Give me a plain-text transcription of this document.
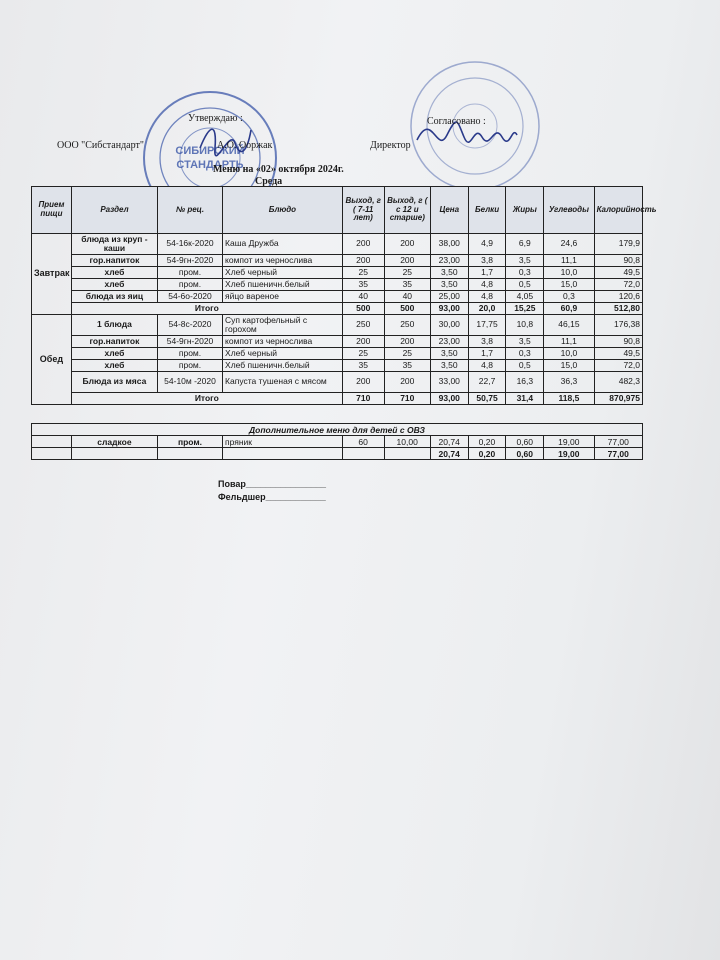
СИБИРСКИЙ
СТАНДАРТЬ
Утверждаю :
ООО "Сибстандарт"	А.О. Ооржак
Согласовано :
Директор
Меню на «02» октября 2024г.
Среда
Прием пищи	Раздел	№ рец.	Блюдо	Выход, г ( 7-11 лет)	Выход, г ( с 12 и старше)	Цена	Белки	Жиры	Углеводы	Калорийность
Завтрак	блюда из круп - каши	54-16к-2020	Каша Дружба	200	200	38,00	4,9	6,9	24,6	179,9
	гор.напиток	54-9гн-2020	компот из чернослива	200	200	23,00	3,8	3,5	11,1	90,8
	хлеб	пром.	Хлеб черный	25	25	3,50	1,7	0,3	10,0	49,5
	хлеб	пром.	Хлеб пшеничн.белый	35	35	3,50	4,8	0,5	15,0	72,0
	блюда из яиц	54-6о-2020	яйцо вареное	40	40	25,00	4,8	4,05	0,3	120,6
	Итого			500	500	93,00	20,0	15,25	60,9	512,80
Обед	1 блюда	54-8с-2020	Суп картофельный с горохом	250	250	30,00	17,75	10,8	46,15	176,38
	гор.напиток	54-9гн-2020	компот из чернослива	200	200	23,00	3,8	3,5	11,1	90,8
	хлеб	пром.	Хлеб черный	25	25	3,50	1,7	0,3	10,0	49,5
	хлеб	пром.	Хлеб пшеничн.белый	35	35	3,50	4,8	0,5	15,0	72,0
	Блюда из мяса	54-10м -2020	Капуста тушеная с мясом	200	200	33,00	22,7	16,3	36,3	482,3
	Итого			710	710	93,00	50,75	31,4	118,5	870,975
Дополнительное меню для детей с ОВЗ										
	сладкое	пром.	пряник	60	10,00	20,74	0,20	0,60	19,00	77,00
						20,74	0,20	0,60	19,00	77,00
Повар________________
Фельдшер____________
